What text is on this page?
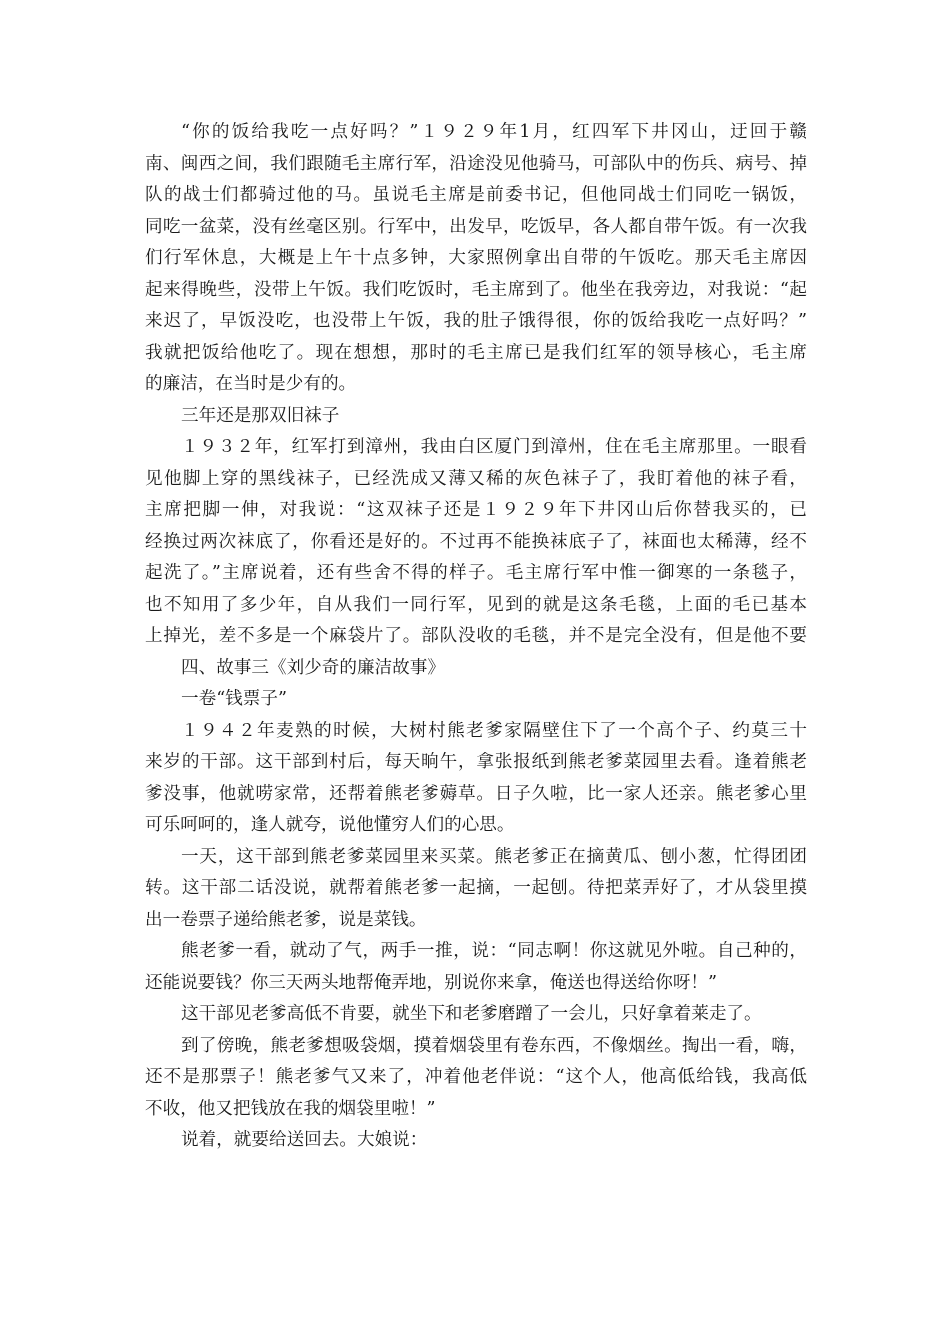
“你的饭给我吃一点好吗？”１９２９年1月，红四军下井冈山，迂回于赣
南、闽西之间，我们跟随毛主席行军，沿途没见他骑马，可部队中的伤兵、病号、掉
队的战士们都骑过他的马。虽说毛主席是前委书记，但他同战士们同吃一锅饭，
同吃一盆菜，没有丝毫区别。行军中，出发早，吃饭早，各人都自带午饭。有一次我
们行军休息，大概是上午十点多钟，大家照例拿出自带的午饭吃。那天毛主席因
起来得晚些，没带上午饭。我们吃饭时，毛主席到了。他坐在我旁边，对我说：“起
来迟了，早饭没吃，也没带上午饭，我的肚子饿得很，你的饭给我吃一点好吗？”
我就把饭给他吃了。现在想想，那时的毛主席已是我们红军的领导核心，毛主席
的廉洁，在当时是少有的。
三年还是那双旧袜子
１９３２年，红军打到漳州，我由白区厦门到漳州，住在毛主席那里。一眼看
见他脚上穿的黑线袜子，已经洗成又薄又稀的灰色袜子了，我盯着他的袜子看，
主席把脚一伸，对我说：“这双袜子还是１９２９年下井冈山后你替我买的，已
经换过两次袜底了，你看还是好的。不过再不能换袜底子了，袜面也太稀薄，经不
起洗了。”主席说着，还有些舍不得的样子。毛主席行军中惟一御寒的一条毯子，
也不知用了多少年，自从我们一同行军，见到的就是这条毛毯，上面的毛已基本
上掉光，差不多是一个麻袋片了。部队没收的毛毯，并不是完全没有，但是他不要
四、故事三《刘少奇的廉洁故事》
一卷“钱票子”
１９４２年麦熟的时候，大树村熊老爹家隔壁住下了一个高个子、约莫三十
来岁的干部。这干部到村后，每天晌午，拿张报纸到熊老爹菜园里去看。逢着熊老
爹没事，他就唠家常，还帮着熊老爹薅草。日子久啦，比一家人还亲。熊老爹心里
可乐呵呵的，逢人就夸，说他懂穷人们的心思。
一天，这干部到熊老爹菜园里来买菜。熊老爹正在摘黄瓜、刨小葱，忙得团团
转。这干部二话没说，就帮着熊老爹一起摘，一起刨。待把菜弄好了，才从袋里摸
出一卷票子递给熊老爹，说是菜钱。
熊老爹一看，就动了气，两手一推，说：“同志啊！你这就见外啦。自己种的，
还能说要钱？你三天两头地帮俺弄地，别说你来拿，俺送也得送给你呀！”
这干部见老爹高低不肯要，就坐下和老爹磨蹭了一会儿，只好拿着莱走了。
到了傍晚，熊老爹想吸袋烟，摸着烟袋里有卷东西，不像烟丝。掏出一看，嗨，
还不是那票子！熊老爹气又来了，冲着他老伴说：“这个人，他高低给钱，我高低
不收，他又把钱放在我的烟袋里啦！”
说着，就要给送回去。大娘说：
